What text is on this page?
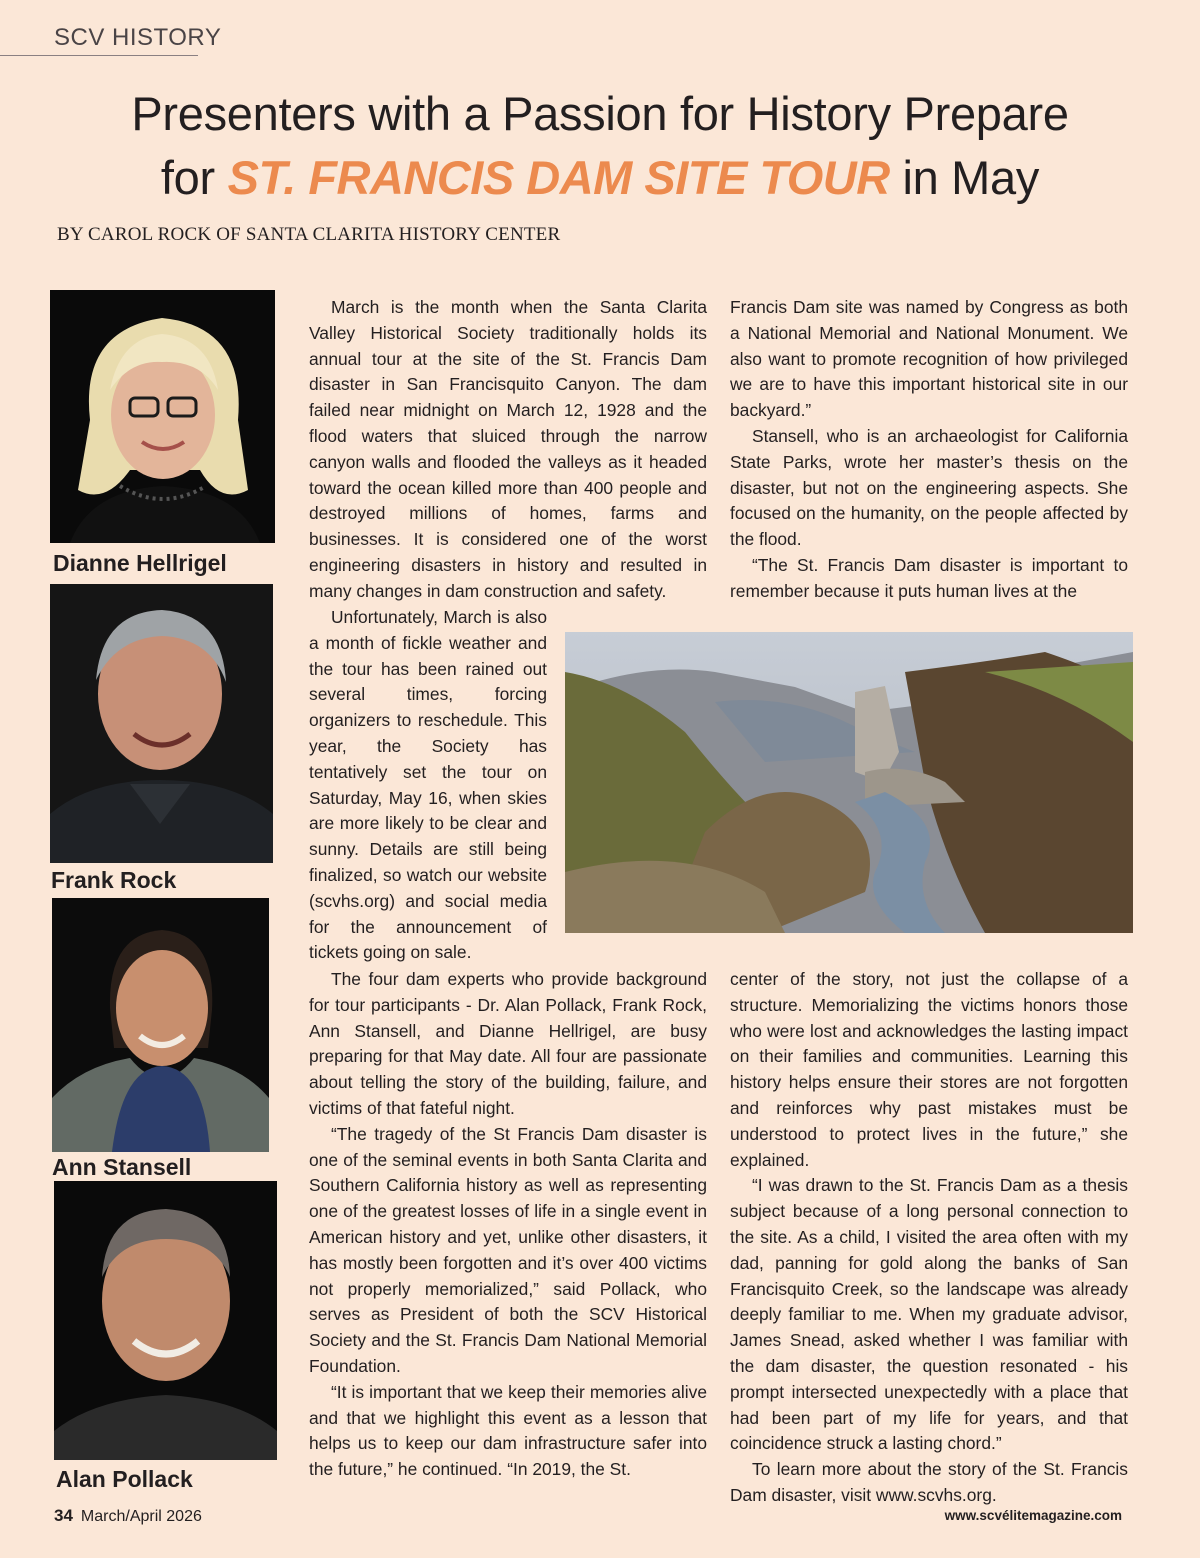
SCV HISTORY
Presenters with a Passion for History Prepare
for ST. FRANCIS DAM SITE TOUR in May
BY CAROL ROCK OF SANTA CLARITA HISTORY CENTER
Dianne Hellrigel
Frank Rock
Ann Stansell
Alan Pollack

March is the month when the Santa Clarita Valley Historical Society traditionally holds its annual tour at the site of the St. Francis Dam disaster in San Francisquito Canyon. The dam failed near midnight on March 12, 1928 and the flood waters that sluiced through the narrow canyon walls and flooded the valleys as it headed toward the ocean killed more than 400 people and destroyed millions of homes, farms and businesses. It is considered one of the worst engineering disasters in history and resulted in many changes in dam construction and safety.

Unfortunately, March is also a month of fickle weather and the tour has been rained out several times, forcing organizers to reschedule. This year, the Society has tentatively set the tour on Saturday, May 16, when skies are more likely to be clear and sunny. Details are still being finalized, so watch our website (scvhs.org) and social media for the announcement of tickets going on sale.

The four dam experts who provide background for tour participants - Dr. Alan Pollack, Frank Rock, Ann Stansell, and Dianne Hellrigel, are busy preparing for that May date. All four are passionate about telling the story of the building, failure, and victims of that fateful night.

“The tragedy of the St Francis Dam disaster is one of the seminal events in both Santa Clarita and Southern California history as well as representing one of the greatest losses of life in a single event in American history and yet, unlike other disasters, it has mostly been forgotten and it’s over 400 victims not properly memorialized,” said Pollack, who serves as President of both the SCV Historical Society and the St. Francis Dam National Memorial Foundation.

“It is important that we keep their memories alive and that we highlight this event as a lesson that helps us to keep our dam infrastructure safer into the future,” he continued. “In 2019, the St.

Francis Dam site was named by Congress as both a National Memorial and National Monument. We also want to promote recognition of how privileged we are to have this important historical site in our backyard.”

Stansell, who is an archaeologist for California State Parks, wrote her master’s thesis on the disaster, but not on the engineering aspects. She focused on the humanity, on the people affected by the flood.

“The St. Francis Dam disaster is important to remember because it puts human lives at the

center of the story, not just the collapse of a structure. Memorializing the victims honors those who were lost and acknowledges the lasting impact on their families and communities. Learning this history helps ensure their stores are not forgotten and reinforces why past mistakes must be understood to protect lives in the future,” she explained.

“I was drawn to the St. Francis Dam as a thesis subject because of a long personal connection to the site. As a child, I visited the area often with my dad, panning for gold along the banks of San Francisquito Creek, so the landscape was already deeply familiar to me. When my graduate advisor, James Snead, asked whether I was familiar with the dam disaster, the question resonated - his prompt intersected unexpectedly with a place that had been part of my life for years, and that coincidence struck a lasting chord.”

To learn more about the story of the St. Francis Dam disaster, visit www.scvhs.org.

34 March/April 2026	www.scvélitemagazine.com
